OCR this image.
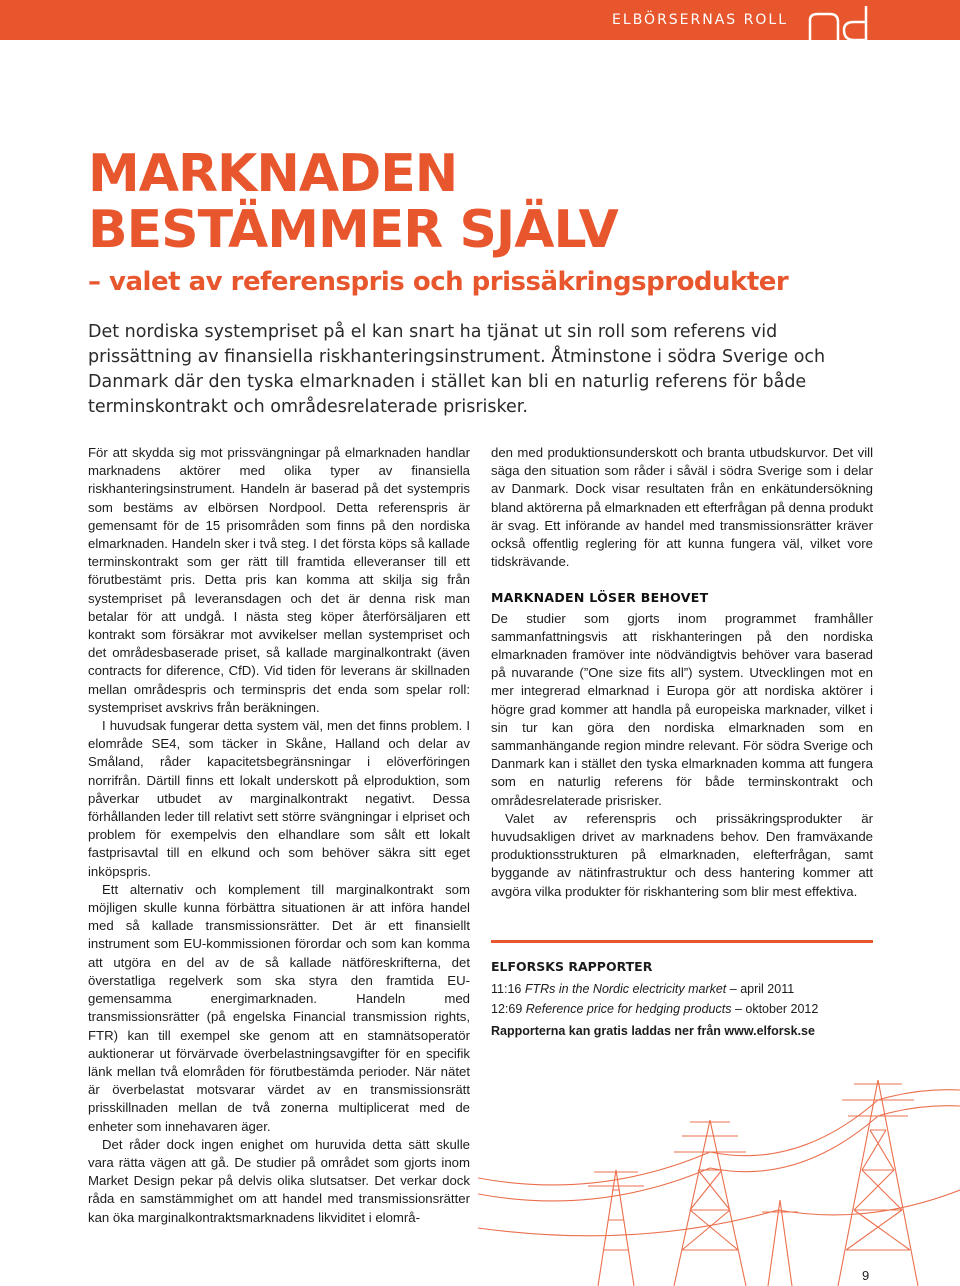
ELBÖRSERNAS ROLL
MARKNADEN
BESTÄMMER SJÄLV
– valet av referenspris och prissäkringsprodukter

Det nordiska systempriset på el kan snart ha tjänat ut sin roll som referens vid prissättning av finansiella riskhanteringsinstrument. Åtminstone i södra Sverige och Danmark där den tyska elmarknaden i stället kan bli en naturlig referens för både terminskontrakt och områdesrelaterade prisrisker.

För att skydda sig mot prissvängningar på elmarknaden handlar marknadens aktörer med olika typer av finansiella riskhanteringsinstrument. Handeln är baserad på det systempris som bestäms av elbörsen Nordpool. Detta referenspris är gemensamt för de 15 prisområden som finns på den nordiska elmarknaden. Handeln sker i två steg. I det första köps så kallade terminskontrakt som ger rätt till framtida elleveranser till ett förutbestämt pris. Detta pris kan komma att skilja sig från systempriset på leveransdagen och det är denna risk man betalar för att undgå. I nästa steg köper återförsäljaren ett kontrakt som försäkrar mot avvikelser mellan systempriset och det områdesbaserade priset, så kallade marginalkontrakt (även contracts for diference, CfD). Vid tiden för leverans är skillnaden mellan områdespris och terminspris det enda som spelar roll: systempriset avskrivs från beräkningen.

I huvudsak fungerar detta system väl, men det finns problem. I elområde SE4, som täcker in Skåne, Halland och delar av Småland, råder kapacitetsbegränsningar i elöverföringen norrifrån. Därtill finns ett lokalt underskott på elproduktion, som påverkar utbudet av marginalkontrakt negativt. Dessa förhållanden leder till relativt sett större svängningar i elpriset och problem för exempelvis den elhandlare som sålt ett lokalt fastprisavtal till en elkund och som behöver säkra sitt eget inköpspris.

Ett alternativ och komplement till marginalkontrakt som möjligen skulle kunna förbättra situationen är att införa handel med så kallade transmissionsrätter. Det är ett finansiellt instrument som EU-kommissionen förordar och som kan komma att utgöra en del av de så kallade nätföreskrifterna, det överstatliga regelverk som ska styra den framtida EU-gemensamma energimarknaden. Handeln med transmissionsrätter (på engelska Financial transmission rights, FTR) kan till exempel ske genom att en stamnätsoperatör auktionerar ut förvärvade överbelastningsavgifter för en specifik länk mellan två elområden för förutbestämda perioder. När nätet är överbelastat motsvarar värdet av en transmissionsrätt prisskillnaden mellan de två zonerna multiplicerat med de enheter som innehavaren äger.

Det råder dock ingen enighet om huruvida detta sätt skulle vara rätta vägen att gå. De studier på området som gjorts inom Market Design pekar på delvis olika slutsatser. Det verkar dock råda en samstämmighet om att handel med transmissionsrätter kan öka marginalkontraktsmarknadens likviditet i elområ-

den med produktionsunderskott och branta utbudskurvor. Det vill säga den situation som råder i såväl i södra Sverige som i delar av Danmark. Dock visar resultaten från en enkätundersökning bland aktörerna på elmarknaden ett efterfrågan på denna produkt är svag. Ett införande av handel med transmissionsrätter kräver också offentlig reglering för att kunna fungera väl, vilket vore tidskrävande.

MARKNADEN LÖSER BEHOVET

De studier som gjorts inom programmet framhåller sammanfattningsvis att riskhanteringen på den nordiska elmarknaden framöver inte nödvändigtvis behöver vara baserad på nuvarande (”One size fits all”) system. Utvecklingen mot en mer integrerad elmarknad i Europa gör att nordiska aktörer i högre grad kommer att handla på europeiska marknader, vilket i sin tur kan göra den nordiska elmarknaden som en sammanhängande region mindre relevant. För södra Sverige och Danmark kan i stället den tyska elmarknaden komma att fungera som en naturlig referens för både terminskontrakt och områdesrelaterade prisrisker.

Valet av referenspris och prissäkringsprodukter är huvudsakligen drivet av marknadens behov. Den framväxande produktionsstrukturen på elmarknaden, elefterfrågan, samt byggande av nätinfrastruktur och dess hantering kommer att avgöra vilka produkter för riskhantering som blir mest effektiva.

ELFORSKS RAPPORTER
11:16 FTRs in the Nordic electricity market – april 2011
12:69 Reference price for hedging products – oktober 2012
Rapporterna kan gratis laddas ner från www.elforsk.se
9
